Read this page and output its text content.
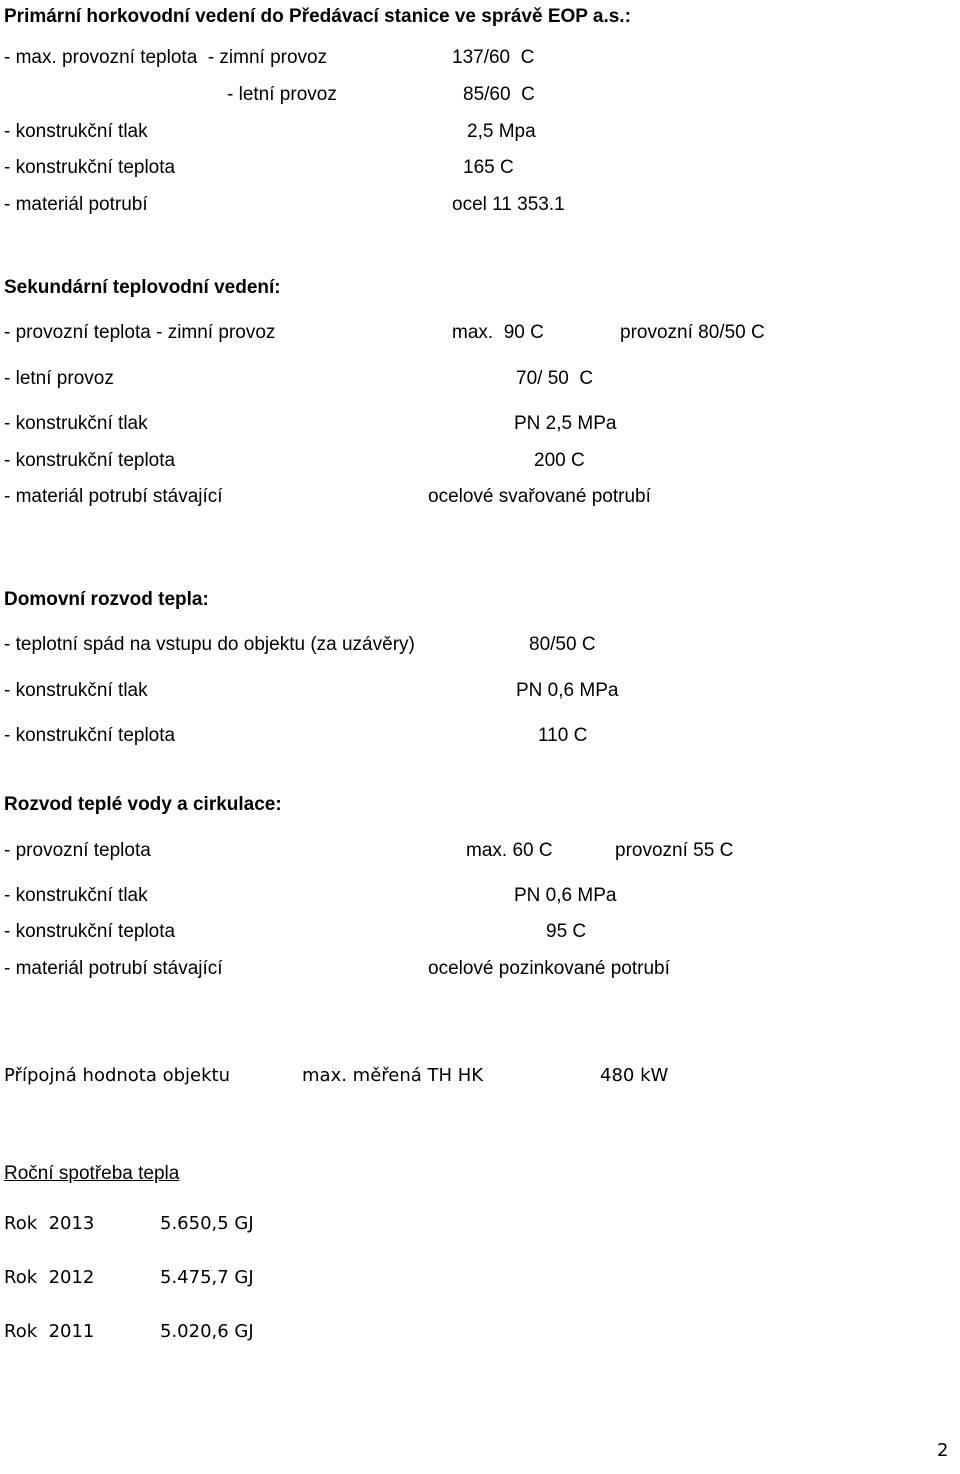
Primární horkovodní vedení do Předávací stanice ve správě EOP a.s.:
- max. provozní teplota  - zimní provoz	137/60  C
- letní provoz	85/60  C
- konstrukční tlak	2,5 Mpa
- konstrukční teplota	165 C
- materiál potrubí	ocel 11 353.1
Sekundární teplovodní vedení:
- provozní teplota - zimní provoz	max.  90 C	provozní 80/50 C
- letní provoz	70/ 50  C
- konstrukční tlak	PN 2,5 MPa
- konstrukční teplota	200 C
- materiál potrubí stávající	ocelové svařované potrubí
Domovní rozvod tepla:
- teplotní spád na vstupu do objektu (za uzávěry)	80/50 C
- konstrukční tlak	PN 0,6 MPa
- konstrukční teplota	110 C
Rozvod teplé vody a cirkulace:
- provozní teplota	max. 60 C	provozní 55 C
- konstrukční tlak	PN 0,6 MPa
- konstrukční teplota	95 C
- materiál potrubí stávající	ocelové pozinkované potrubí
Přípojná hodnota objektu	max. měřená TH HK	480 kW
Roční spotřeba tepla
Rok  2013	5.650,5 GJ
Rok  2012	5.475,7 GJ
Rok  2011	5.020,6 GJ
2
